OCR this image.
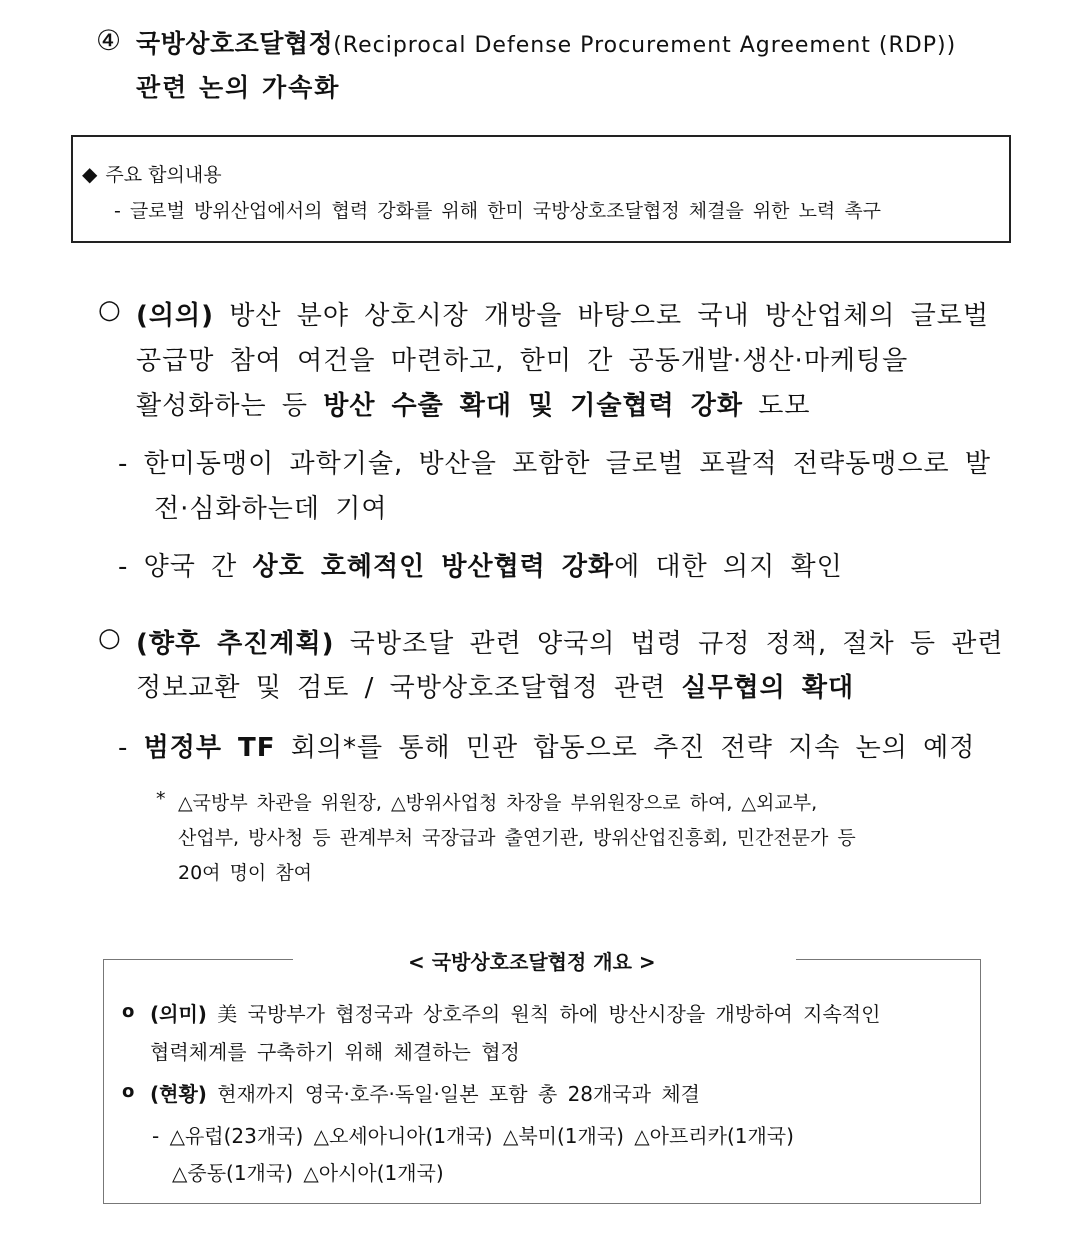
④ 국방상호조달협정(Reciprocal Defense Procurement Agreement (RDP))
관련 논의 가속화
◆ 주요 합의내용
- 글로벌 방위산업에서의 협력 강화를 위해 한미 국방상호조달협정 체결을 위한 노력 촉구
○ (의의) 방산 분야 상호시장 개방을 바탕으로 국내 방산업체의 글로벌
공급망 참여 여건을 마련하고, 한미 간 공동개발·생산·마케팅을
활성화하는 등 방산 수출 확대 및 기술협력 강화 도모
- 한미동맹이 과학기술, 방산을 포함한 글로벌 포괄적 전략동맹으로 발
전·심화하는데 기여
- 양국 간 상호 호혜적인 방산협력 강화에 대한 의지 확인
○ (향후 추진계획) 국방조달 관련 양국의 법령 규정 정책, 절차 등 관련
정보교환 및 검토 / 국방상호조달협정 관련 실무협의 확대
- 범정부 TF 회의*를 통해 민관 합동으로 추진 전략 지속 논의 예정
* △국방부 차관을 위원장, △방위사업청 차장을 부위원장으로 하여, △외교부,
산업부, 방사청 등 관계부처 국장급과 출연기관, 방위산업진흥회, 민간전문가 등
20여 명이 참여
< 국방상호조달협정 개요 >
o (의미) 美 국방부가 협정국과 상호주의 원칙 하에 방산시장을 개방하여 지속적인
협력체계를 구축하기 위해 체결하는 협정
o (현황) 현재까지 영국·호주·독일·일본 포함 총 28개국과 체결
- △유럽(23개국) △오세아니아(1개국) △북미(1개국) △아프리카(1개국)
△중동(1개국) △아시아(1개국)
